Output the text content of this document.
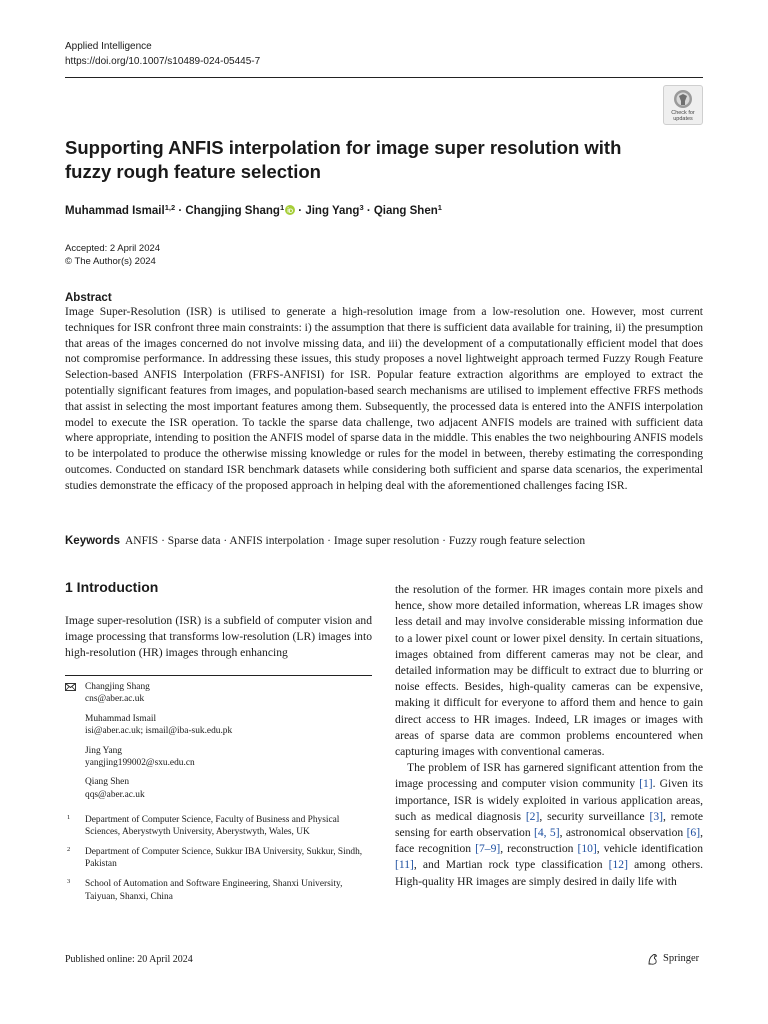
Applied Intelligence
https://doi.org/10.1007/s10489-024-05445-7
Check for
updates
Supporting ANFIS interpolation for image super resolution with fuzzy rough feature selection
Muhammad Ismail$^{1,2}$ · Changjing Shang$^1$ · Jing Yang$^3$ · Qiang Shen$^1$
Accepted: 2 April 2024
© The Author(s) 2024
Abstract

Image Super-Resolution (ISR) is utilised to generate a high-resolution image from a low-resolution one. However, most current techniques for ISR confront three main constraints: i) the assumption that there is sufficient data available for training, ii) the presumption that areas of the images concerned do not involve missing data, and iii) the development of a computationally efficient model that does not compromise performance. In addressing these issues, this study proposes a novel lightweight approach termed Fuzzy Rough Feature Selection-based ANFIS Interpolation (FRFS-ANFISI) for ISR. Popular feature extraction algorithms are employed to extract the potentially significant features from images, and population-based search mechanisms are utilised to implement effective FRFS methods that assist in selecting the most important features among them. Subsequently, the processed data is entered into the ANFIS interpolation model to execute the ISR operation. To tackle the sparse data challenge, two adjacent ANFIS models are trained with sufficient data where appropriate, intending to position the ANFIS model of sparse data in the middle. This enables the two neighbouring ANFIS models to be interpolated to produce the otherwise missing knowledge or rules for the model in between, thereby estimating the corresponding outcomes. Conducted on standard ISR benchmark datasets while considering both sufficient and sparse data scenarios, the experimental studies demonstrate the efficacy of the proposed approach in helping deal with the aforementioned challenges facing ISR.

Keywords ANFIS · Sparse data · ANFIS interpolation · Image super resolution · Fuzzy rough feature selection
1 Introduction

Image super-resolution (ISR) is a subfield of computer vision and image processing that transforms low-resolution (LR) images into high-resolution (HR) images through enhancing

Changjing Shang
cns@aber.ac.uk
Muhammad Ismail
isi@aber.ac.uk; ismail@iba-suk.edu.pk
Jing Yang
yangjing199002@sxu.edu.cn
Qiang Shen
qqs@aber.ac.uk
1 Department of Computer Science, Faculty of Business and Physical Sciences, Aberystwyth University, Aberystwyth, Wales, UK
2 Department of Computer Science, Sukkur IBA University, Sukkur, Sindh, Pakistan
3 School of Automation and Software Engineering, Shanxi University, Taiyuan, Shanxi, China

the resolution of the former. HR images contain more pixels and hence, show more detailed information, whereas LR images show less detail and may involve considerable missing information due to a lower pixel count or lower pixel density. In certain situations, images obtained from different cameras may not be clear, and detailed information may be difficult to extract due to blurring or noise effects. Besides, high-quality cameras can be expensive, making it difficult for everyone to afford them and hence to gain direct access to HR images. Indeed, LR images or images with areas of sparse data are common problems encountered when capturing images with conventional cameras.

The problem of ISR has garnered significant attention from the image processing and computer vision community [1]. Given its importance, ISR is widely exploited in various application areas, such as medical diagnosis [2], security surveillance [3], remote sensing for earth observation [4, 5], astronomical observation [6], face recognition [7–9], reconstruction [10], vehicle identification [11], and Martian rock type classification [12] among others. High-quality HR images are simply desired in daily life with

Published online: 20 April 2024	Springer
